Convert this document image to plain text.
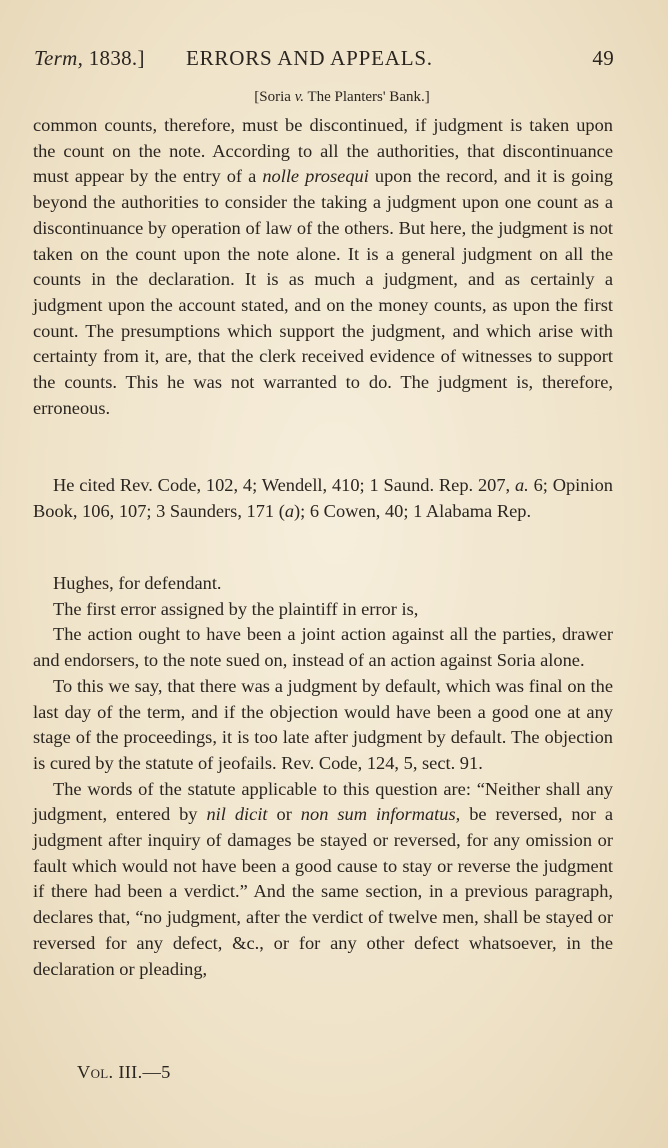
Term, 1838.] ERRORS AND APPEALS.	49
[Soria v. The Planters' Bank.]

common counts, therefore, must be discontinued, if judgment is taken upon the count on the note. According to all the authorities, that discontinuance must appear by the entry of a nolle prosequi upon the record, and it is going beyond the authorities to consider the taking a judgment upon one count as a discontinuance by operation of law of the others. But here, the judgment is not taken on the count upon the note alone. It is a general judgment on all the counts in the declaration. It is as much a judgment, and as certainly a judgment upon the account stated, and on the money counts, as upon the first count. The presumptions which support the judgment, and which arise with certainty from it, are, that the clerk received evidence of witnesses to support the counts. This he was not warranted to do. The judgment is, therefore, erroneous.

He cited Rev. Code, 102, 4; Wendell, 410; 1 Saund. Rep. 207, a. 6; Opinion Book, 106, 107; 3 Saunders, 171 (a); 6 Cowen, 40; 1 Alabama Rep.

Hughes, for defendant.

The first error assigned by the plaintiff in error is,

The action ought to have been a joint action against all the parties, drawer and endorsers, to the note sued on, instead of an action against Soria alone.

To this we say, that there was a judgment by default, which was final on the last day of the term, and if the objection would have been a good one at any stage of the proceedings, it is too late after judgment by default. The objection is cured by the statute of jeofails. Rev. Code, 124, 5, sect. 91.

The words of the statute applicable to this question are: “Neither shall any judgment, entered by nil dicit or non sum informatus, be reversed, nor a judgment after inquiry of damages be stayed or reversed, for any omission or fault which would not have been a good cause to stay or reverse the judgment if there had been a verdict.” And the same section, in a previous paragraph, declares that, “no judgment, after the verdict of twelve men, shall be stayed or reversed for any defect, &c., or for any other defect whatsoever, in the declaration or pleading,

Vol. III.—5
